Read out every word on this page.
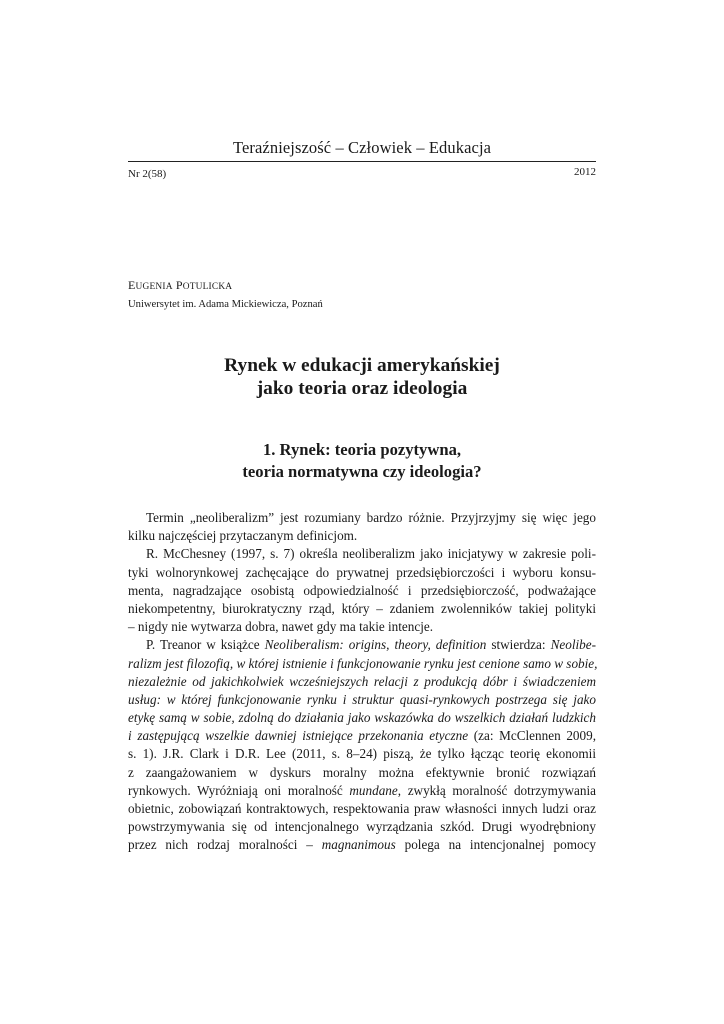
Teraźniejszość – Człowiek – Edukacja
Nr 2(58)	2012
EUGENIA POTULICKA
Uniwersytet im. Adama Mickiewicza, Poznań
Rynek w edukacji amerykańskiej
jako teoria oraz ideologia
1. Rynek: teoria pozytywna,
teoria normatywna czy ideologia?
Termin „neoliberalizm” jest rozumiany bardzo różnie. Przyjrzyjmy się więc jego
kilku najczęściej przytaczanym definicjom.
R. McChesney (1997, s. 7) określa neoliberalizm jako inicjatywy w zakresie poli-
tyki wolnorynkowej zachęcające do prywatnej przedsiębiorczości i wyboru konsu-
menta, nagradzające osobistą odpowiedzialność i przedsiębiorczość, podważające
niekompetentny, biurokratyczny rząd, który – zdaniem zwolenników takiej polityki
– nigdy nie wytwarza dobra, nawet gdy ma takie intencje.
P. Treanor w książce Neoliberalism: origins, theory, definition stwierdza: Neolibe-
ralizm jest filozofią, w której istnienie i funkcjonowanie rynku jest cenione samo w sobie,
niezależnie od jakichkolwiek wcześniejszych relacji z produkcją dóbr i świadczeniem
usług: w której funkcjonowanie rynku i struktur quasi-rynkowych postrzega się jako
etykę samą w sobie, zdolną do działania jako wskazówka do wszelkich działań ludzkich
i zastępującą wszelkie dawniej istniejące przekonania etyczne (za: McClennen 2009,
s. 1). J.R. Clark i D.R. Lee (2011, s. 8–24) piszą, że tylko łącząc teorię ekonomii
z zaangażowaniem w dyskurs moralny można efektywnie bronić rozwiązań
rynkowych. Wyróżniają oni moralność mundane, zwykłą moralność dotrzymywania
obietnic, zobowiązań kontraktowych, respektowania praw własności innych ludzi oraz
powstrzymywania się od intencjonalnego wyrządzania szkód. Drugi wyodrębniony
przez nich rodzaj moralności – magnanimous polega na intencjonalnej pomocy
